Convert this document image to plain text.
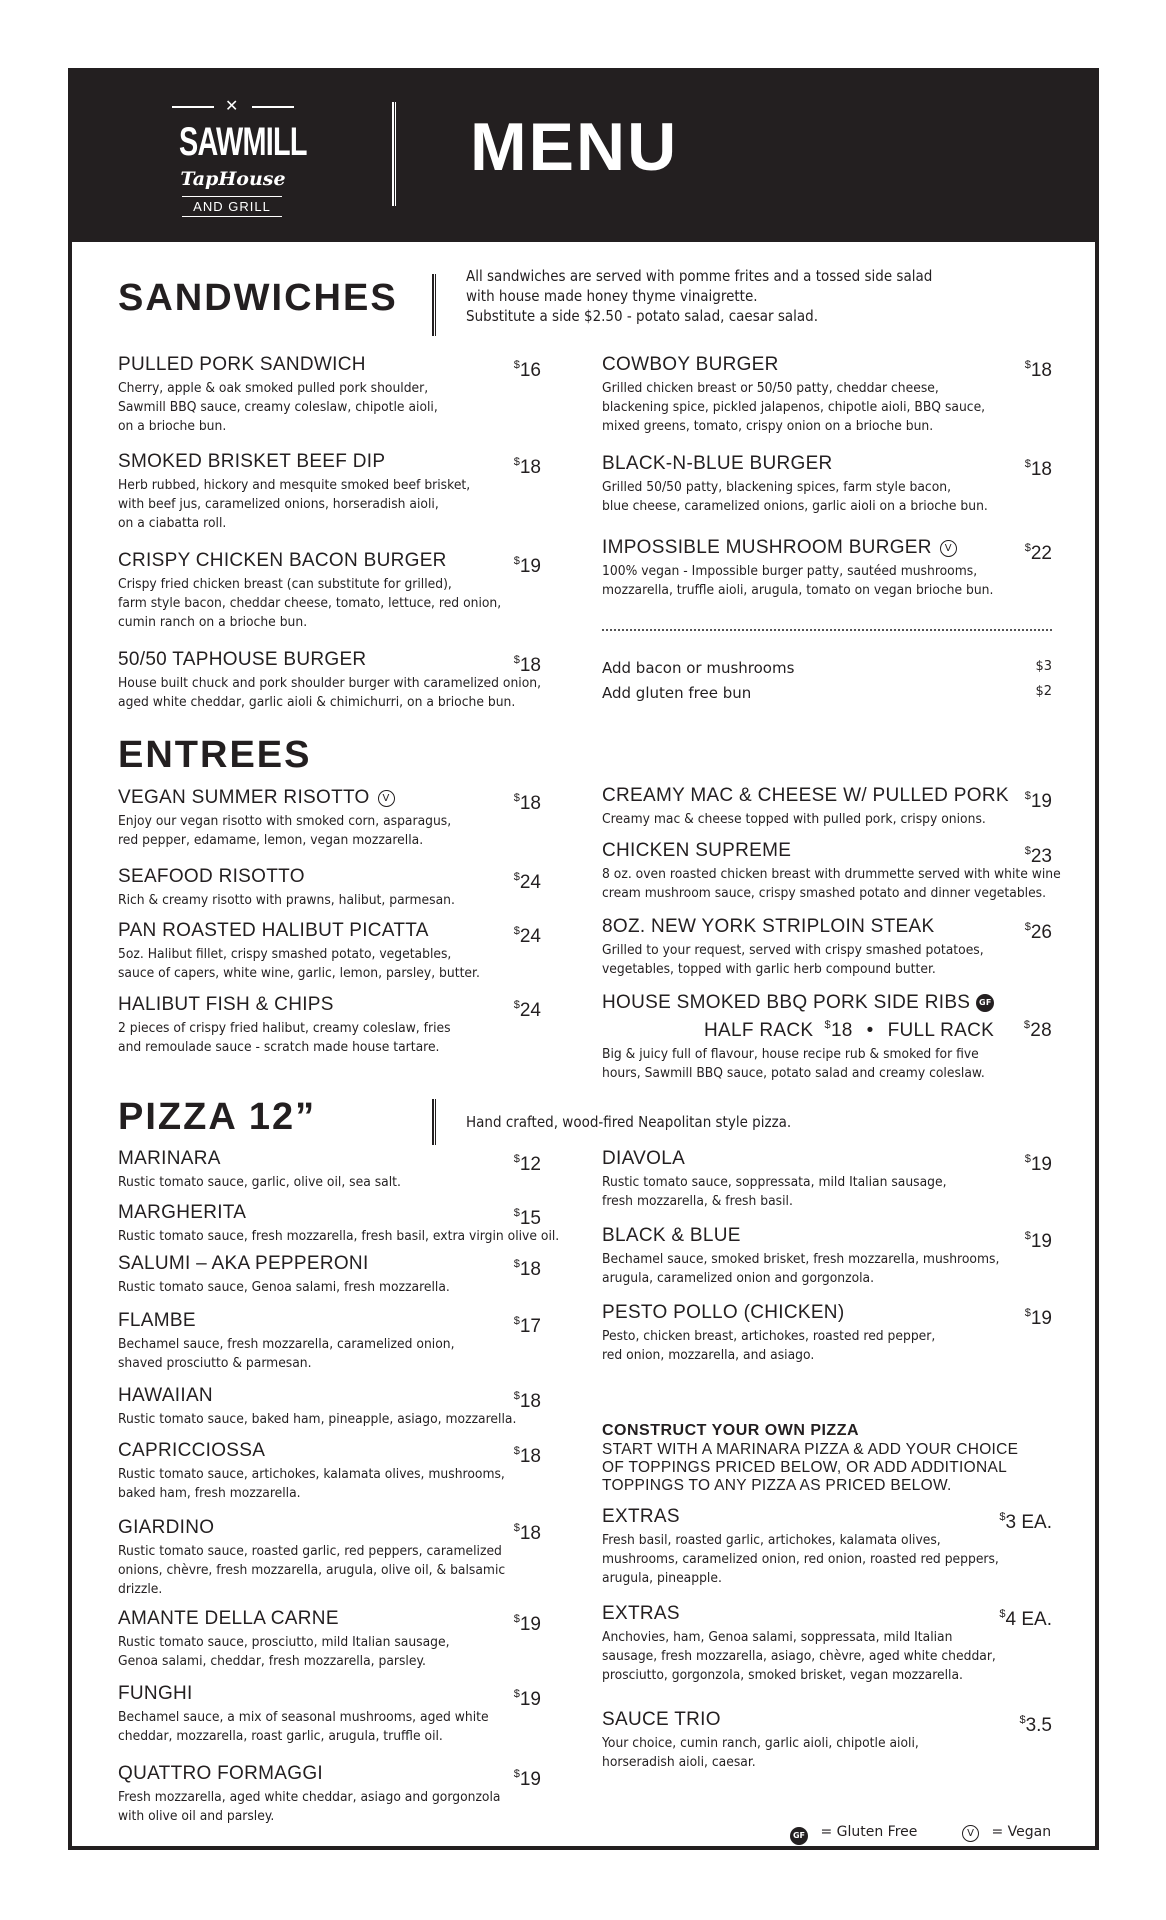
✕
SAWMILL
TapHouse
AND GRILL
MENU
SANDWICHES
All sandwiches are served with pomme frites and a tossed side salad
with house made honey thyme vinaigrette.
Substitute a side $2.50 - potato salad, caesar salad.
PULLED PORK SANDWICH	$16
Cherry, apple & oak smoked pulled pork shoulder,
Sawmill BBQ sauce, creamy coleslaw, chipotle aioli,
on a brioche bun.
SMOKED BRISKET BEEF DIP	$18
Herb rubbed, hickory and mesquite smoked beef brisket,
with beef jus, caramelized onions, horseradish aioli,
on a ciabatta roll.
CRISPY CHICKEN BACON BURGER	$19
Crispy fried chicken breast (can substitute for grilled),
farm style bacon, cheddar cheese, tomato, lettuce, red onion,
cumin ranch on a brioche bun.
50/50 TAPHOUSE BURGER	$18
House built chuck and pork shoulder burger with caramelized onion,
aged white cheddar, garlic aioli & chimichurri, on a brioche bun.
COWBOY BURGER	$18
Grilled chicken breast or 50/50 patty, cheddar cheese,
blackening spice, pickled jalapenos, chipotle aioli, BBQ sauce,
mixed greens, tomato, crispy onion on a brioche bun.
BLACK-N-BLUE BURGER	$18
Grilled 50/50 patty, blackening spices, farm style bacon,
blue cheese, caramelized onions, garlic aioli on a brioche bun.
IMPOSSIBLE MUSHROOM BURGER V	$22
100% vegan - Impossible burger patty, sautéed mushrooms,
mozzarella, truffle aioli, arugula, tomato on vegan brioche bun.
Add bacon or mushrooms	$3
Add gluten free bun	$2
ENTREES
VEGAN SUMMER RISOTTO V	$18
Enjoy our vegan risotto with smoked corn, asparagus,
red pepper, edamame, lemon, vegan mozzarella.
SEAFOOD RISOTTO	$24
Rich & creamy risotto with prawns, halibut, parmesan.
PAN ROASTED HALIBUT PICATTA	$24
5oz. Halibut fillet, crispy smashed potato, vegetables,
sauce of capers, white wine, garlic, lemon, parsley, butter.
HALIBUT FISH & CHIPS	$24
2 pieces of crispy fried halibut, creamy coleslaw, fries
and remoulade sauce - scratch made house tartare.
CREAMY MAC & CHEESE W/ PULLED PORK	$19
Creamy mac & cheese topped with pulled pork, crispy onions.
CHICKEN SUPREME	$23
8 oz. oven roasted chicken breast with drummette served with white wine
cream mushroom sauce, crispy smashed potato and dinner vegetables.
8OZ. NEW YORK STRIPLOIN STEAK	$26
Grilled to your request, served with crispy smashed potatoes,
vegetables, topped with garlic herb compound butter.
HOUSE SMOKED BBQ PORK SIDE RIBS GF
HALF RACK $18 • FULL RACK	$28
Big & juicy full of flavour, house recipe rub & smoked for five
hours, Sawmill BBQ sauce, potato salad and creamy coleslaw.
PIZZA 12”	Hand crafted, wood-fired Neapolitan style pizza.
MARINARA	$12
Rustic tomato sauce, garlic, olive oil, sea salt.
MARGHERITA	$15
Rustic tomato sauce, fresh mozzarella, fresh basil, extra virgin olive oil.
SALUMI – AKA PEPPERONI	$18
Rustic tomato sauce, Genoa salami, fresh mozzarella.
FLAMBE	$17
Bechamel sauce, fresh mozzarella, caramelized onion,
shaved prosciutto & parmesan.
HAWAIIAN	$18
Rustic tomato sauce, baked ham, pineapple, asiago, mozzarella.
CAPRICCIOSSA	$18
Rustic tomato sauce, artichokes, kalamata olives, mushrooms,
baked ham, fresh mozzarella.
GIARDINO	$18
Rustic tomato sauce, roasted garlic, red peppers, caramelized
onions, chèvre, fresh mozzarella, arugula, olive oil, & balsamic
drizzle.
AMANTE DELLA CARNE	$19
Rustic tomato sauce, prosciutto, mild Italian sausage,
Genoa salami, cheddar, fresh mozzarella, parsley.
FUNGHI	$19
Bechamel sauce, a mix of seasonal mushrooms, aged white
cheddar, mozzarella, roast garlic, arugula, truffle oil.
QUATTRO FORMAGGI	$19
Fresh mozzarella, aged white cheddar, asiago and gorgonzola
with olive oil and parsley.
DIAVOLA	$19
Rustic tomato sauce, soppressata, mild Italian sausage,
fresh mozzarella, & fresh basil.
BLACK & BLUE	$19
Bechamel sauce, smoked brisket, fresh mozzarella, mushrooms,
arugula, caramelized onion and gorgonzola.
PESTO POLLO (CHICKEN)	$19
Pesto, chicken breast, artichokes, roasted red pepper,
red onion, mozzarella, and asiago.
CONSTRUCT YOUR OWN PIZZA
START WITH A MARINARA PIZZA & ADD YOUR CHOICE
OF TOPPINGS PRICED BELOW, OR ADD ADDITIONAL
TOPPINGS TO ANY PIZZA AS PRICED BELOW.
EXTRAS	$3 EA.
Fresh basil, roasted garlic, artichokes, kalamata olives,
mushrooms, caramelized onion, red onion, roasted red peppers,
arugula, pineapple.
EXTRAS	$4 EA.
Anchovies, ham, Genoa salami, soppressata, mild Italian
sausage, fresh mozzarella, asiago, chèvre, aged white cheddar,
prosciutto, gorgonzola, smoked brisket, vegan mozzarella.
SAUCE TRIO	$3.5
Your choice, cumin ranch, garlic aioli, chipotle aioli,
horseradish aioli, caesar.
GF = Gluten Free	V = Vegan
